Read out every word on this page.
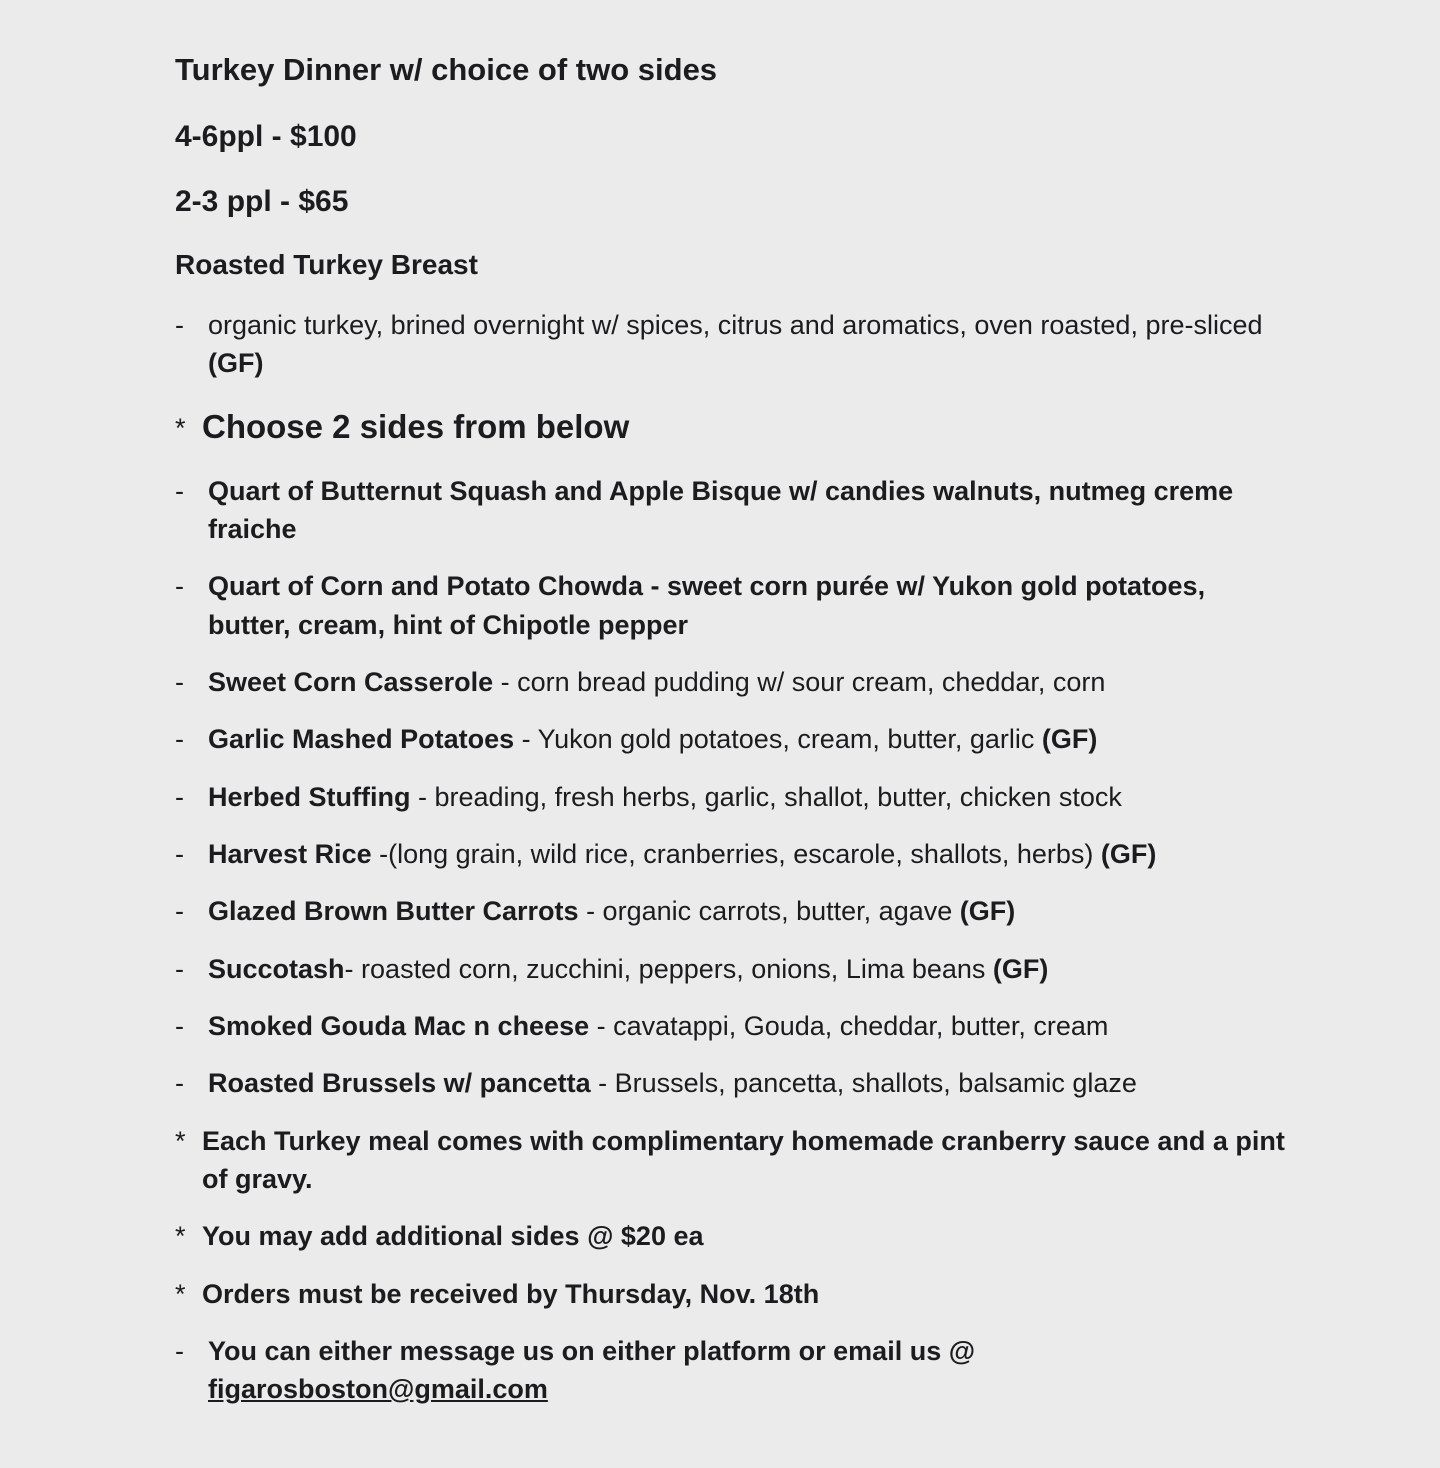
Turkey Dinner w/ choice of two sides

4-6ppl - $100

2-3 ppl - $65

Roasted Turkey Breast
- organic turkey, brined overnight w/ spices, citrus and aromatics, oven roasted, pre-sliced (GF)
* Choose 2 sides from below
- Quart of Butternut Squash and Apple Bisque w/ candies walnuts, nutmeg creme fraiche
- Quart of Corn and Potato Chowda - sweet corn purée w/ Yukon gold potatoes, butter, cream, hint of Chipotle pepper
- Sweet Corn Casserole - corn bread pudding w/ sour cream, cheddar, corn
- Garlic Mashed Potatoes - Yukon gold potatoes, cream, butter, garlic (GF)
- Herbed Stuffing - breading, fresh herbs, garlic, shallot, butter, chicken stock
- Harvest Rice -(long grain, wild rice, cranberries, escarole, shallots, herbs) (GF)
- Glazed Brown Butter Carrots - organic carrots, butter, agave (GF)
- Succotash- roasted corn, zucchini, peppers, onions, Lima beans (GF)
- Smoked Gouda Mac n cheese - cavatappi, Gouda, cheddar, butter, cream
- Roasted Brussels w/ pancetta - Brussels, pancetta, shallots, balsamic glaze
* Each Turkey meal comes with complimentary homemade cranberry sauce and a pint of gravy.
* You may add additional sides @ $20 ea
* Orders must be received by Thursday, Nov. 18th
- You can either message us on either platform or email us @ figarosboston@gmail.com
